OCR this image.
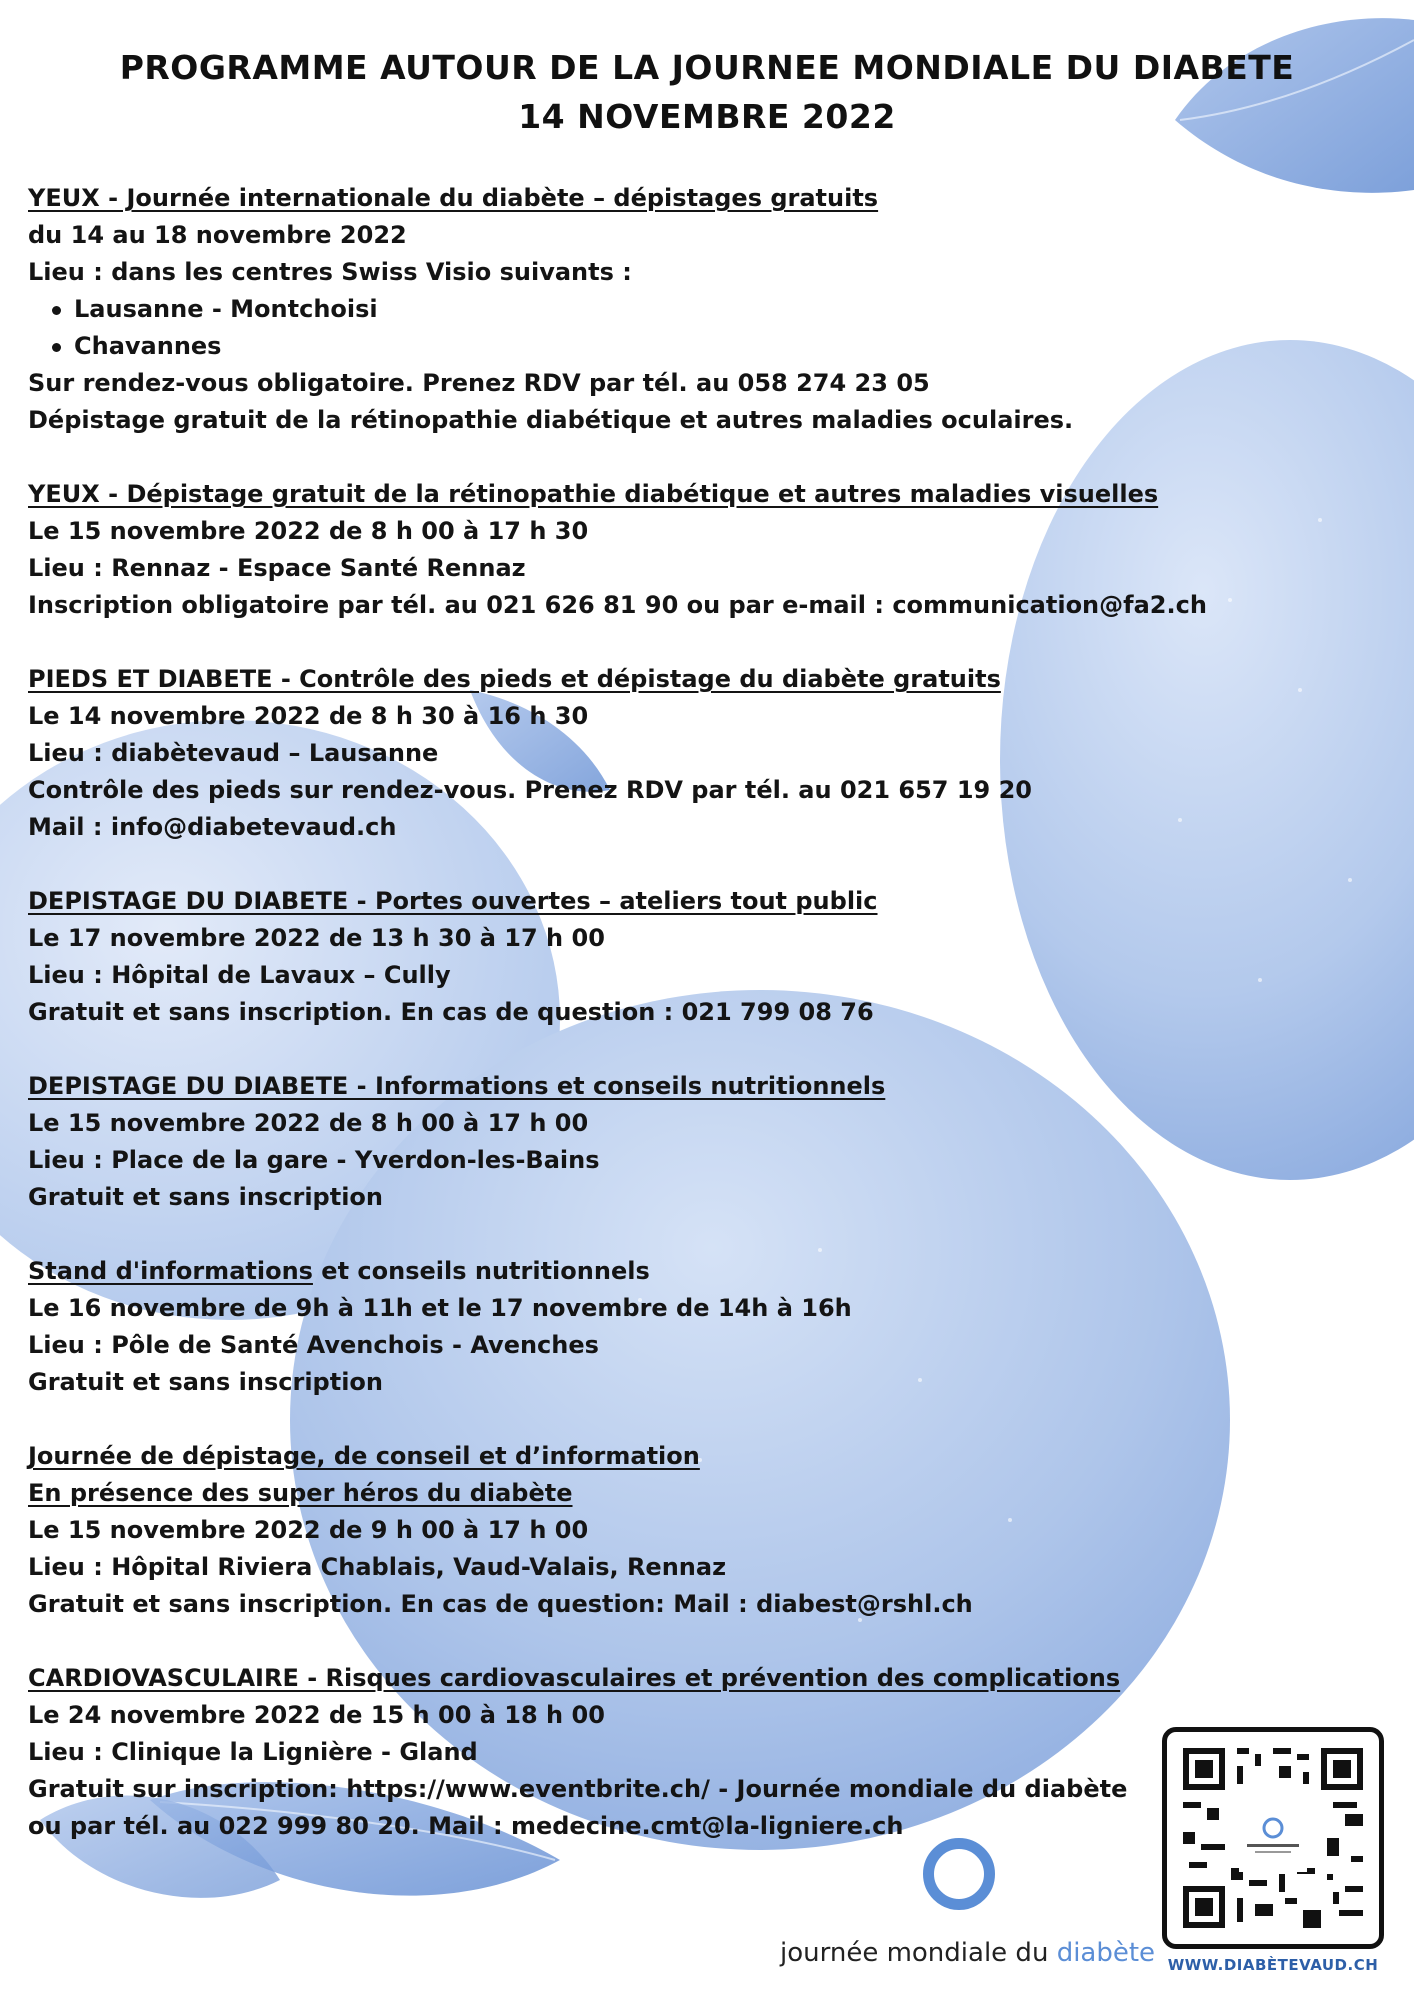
PROGRAMME AUTOUR DE LA JOURNEE MONDIALE DU DIABETE
14 NOVEMBRE 2022
YEUX - Journée internationale du diabète – dépistages gratuits
du 14 au 18 novembre 2022
Lieu : dans les centres Swiss Visio suivants :
Lausanne - Montchoisi
Chavannes
Sur rendez-vous obligatoire. Prenez RDV par tél. au 058 274 23 05
Dépistage gratuit de la rétinopathie diabétique et autres maladies oculaires.
YEUX - Dépistage gratuit de la rétinopathie diabétique et autres maladies visuelles
Le 15 novembre 2022 de 8 h 00 à 17 h 30
Lieu : Rennaz - Espace Santé Rennaz
Inscription obligatoire par tél. au 021 626 81 90 ou par e-mail : communication@fa2.ch
PIEDS ET DIABETE - Contrôle des pieds et dépistage du diabète gratuits
Le 14 novembre 2022 de 8 h 30 à 16 h 30
Lieu : diabètevaud – Lausanne
Contrôle des pieds sur rendez-vous. Prenez RDV par tél. au 021 657 19 20
Mail : info@diabetevaud.ch
DEPISTAGE DU DIABETE - Portes ouvertes – ateliers tout public
Le 17 novembre 2022 de 13 h 30 à 17 h 00
Lieu : Hôpital de Lavaux – Cully
Gratuit et sans inscription. En cas de question : 021 799 08 76
DEPISTAGE DU DIABETE - Informations et conseils nutritionnels
Le 15 novembre 2022 de 8 h 00 à 17 h 00
Lieu : Place de la gare - Yverdon-les-Bains
Gratuit et sans inscription
Stand d'informations et conseils nutritionnels
Le 16 novembre de 9h à 11h et le 17 novembre de 14h à 16h
Lieu : Pôle de Santé Avenchois - Avenches
Gratuit et sans inscription
Journée de dépistage, de conseil et d’information
En présence des super héros du diabète
Le 15 novembre 2022 de 9 h 00 à 17 h 00
Lieu : Hôpital Riviera Chablais, Vaud-Valais, Rennaz
Gratuit et sans inscription. En cas de question: Mail : diabest@rshl.ch
CARDIOVASCULAIRE - Risques cardiovasculaires et prévention des complications
Le 24 novembre 2022 de 15 h 00 à 18 h 00
Lieu : Clinique la Lignière - Gland
Gratuit sur inscription: https://www.eventbrite.ch/ - Journée mondiale du diabète
ou par tél. au 022 999 80 20. Mail : medecine.cmt@la-ligniere.ch
journée mondiale du diabète WWW.DIABÈTEVAUD.CH
